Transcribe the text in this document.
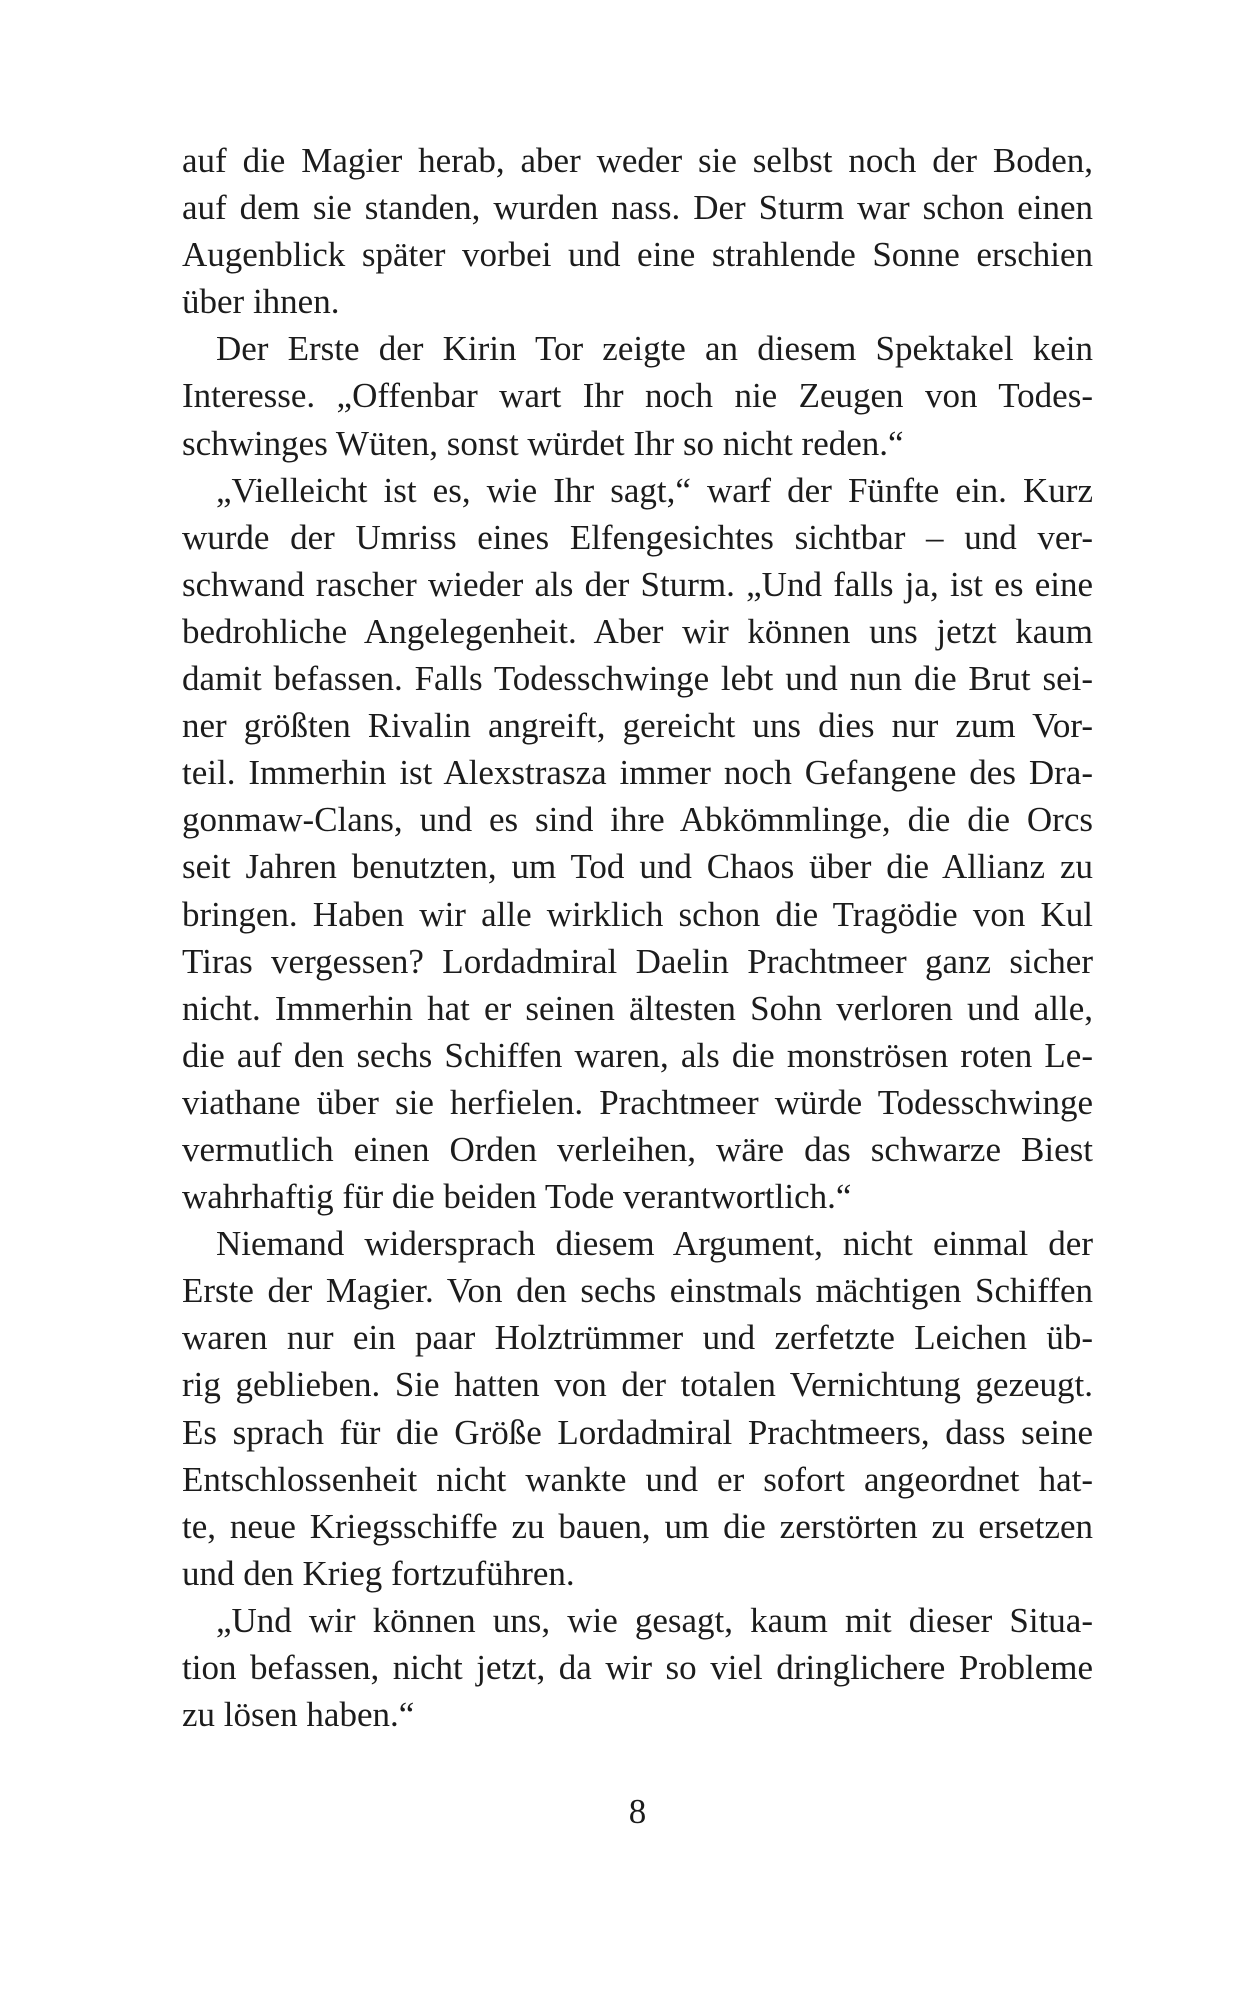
auf die Magier herab, aber weder sie selbst noch der Boden,
auf dem sie standen, wurden nass. Der Sturm war schon einen
Augenblick später vorbei und eine strahlende Sonne erschien
über ihnen.
Der Erste der Kirin Tor zeigte an diesem Spektakel kein
Interesse. „Offenbar wart Ihr noch nie Zeugen von Todes-
schwinges Wüten, sonst würdet Ihr so nicht reden.“
„Vielleicht ist es, wie Ihr sagt,“ warf der Fünfte ein. Kurz
wurde der Umriss eines Elfengesichtes sichtbar – und ver-
schwand rascher wieder als der Sturm. „Und falls ja, ist es eine
bedrohliche Angelegenheit. Aber wir können uns jetzt kaum
damit befassen. Falls Todesschwinge lebt und nun die Brut sei-
ner größten Rivalin angreift, gereicht uns dies nur zum Vor-
teil. Immerhin ist Alexstrasza immer noch Gefangene des Dra-
gonmaw-Clans, und es sind ihre Abkömmlinge, die die Orcs
seit Jahren benutzten, um Tod und Chaos über die Allianz zu
bringen. Haben wir alle wirklich schon die Tragödie von Kul
Tiras vergessen? Lordadmiral Daelin Prachtmeer ganz sicher
nicht. Immerhin hat er seinen ältesten Sohn verloren und alle,
die auf den sechs Schiffen waren, als die monströsen roten Le-
viathane über sie herfielen. Prachtmeer würde Todesschwinge
vermutlich einen Orden verleihen, wäre das schwarze Biest
wahrhaftig für die beiden Tode verantwortlich.“
Niemand widersprach diesem Argument, nicht einmal der
Erste der Magier. Von den sechs einstmals mächtigen Schiffen
waren nur ein paar Holztrümmer und zerfetzte Leichen üb-
rig geblieben. Sie hatten von der totalen Vernichtung gezeugt.
Es sprach für die Größe Lordadmiral Prachtmeers, dass seine
Entschlossenheit nicht wankte und er sofort angeordnet hat-
te, neue Kriegsschiffe zu bauen, um die zerstörten zu ersetzen
und den Krieg fortzuführen.
„Und wir können uns, wie gesagt, kaum mit dieser Situa-
tion befassen, nicht jetzt, da wir so viel dringlichere Probleme
zu lösen haben.“
8
